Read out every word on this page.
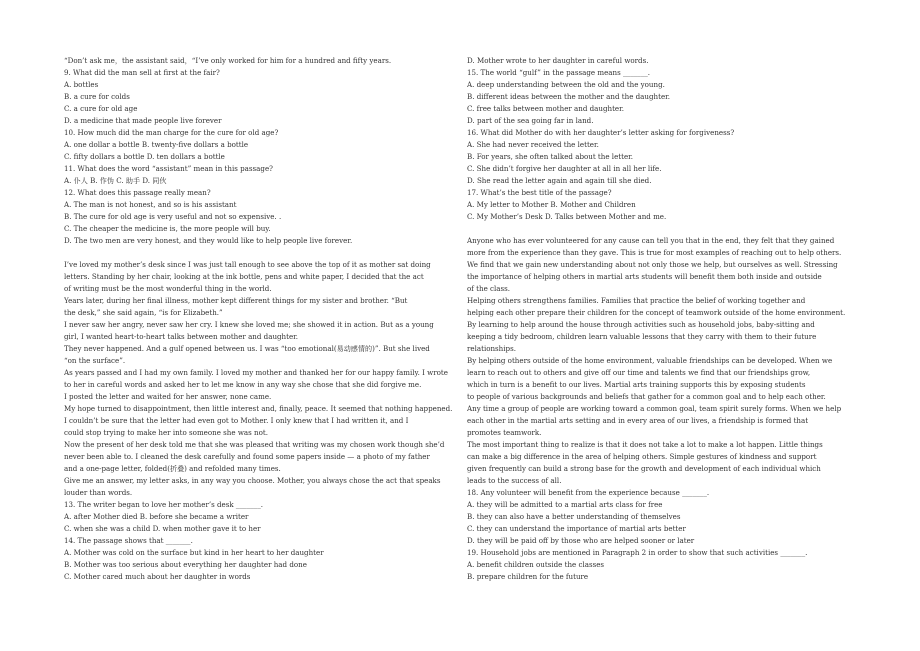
“Don’t ask me，the assistant said，“I’ve only worked for him for a hundred and fifty years.
9. What did the man sell at first at the fair?
A. bottles
B. a cure for colds
C. a cure for old age
D. a medicine that made people live forever
10. How much did the man charge for the cure for old age?
A. one dollar a bottle B. twenty-five dollars a bottle
C. fifty dollars a bottle D. ten dollars a bottle
11. What does the word “assistant” mean in this passage?
A. 仆人 B. 作伪 C. 助手 D. 同伙
12. What does this passage really mean?
A. The man is not honest, and so is his assistant
B. The cure for old age is very useful and not so expensive. .
C. The cheaper the medicine is, the more people will buy.
D. The two men are very honest, and they would like to help people live forever.
I’ve loved my mother’s desk since I was just tall enough to see above the top of it as mother sat doing
letters. Standing by her chair, looking at the ink bottle, pens and white paper, I decided that the act
of writing must be the most wonderful thing in the world.
Years later, during her final illness, mother kept different things for my sister and brother. “But
the desk,” she said again, “is for Elizabeth.”
I never saw her angry, never saw her cry. I knew she loved me; she showed it in action. But as a young
girl, I wanted heart-to-heart talks between mother and daughter.
They never happened. And a gulf opened between us. I was “too emotional(易动感情的)”. But she lived
“on the surface”.
As years passed and I had my own family. I loved my mother and thanked her for our happy family. I wrote
to her in careful words and asked her to let me know in any way she chose that she did forgive me.
I posted the letter and waited for her answer, none came.
My hope turned to disappointment, then little interest and, finally, peace. It seemed that nothing happened.
I couldn’t be sure that the letter had even got to Mother. I only knew that I had written it, and I
could stop trying to make her into someone she was not.
Now the present of her desk told me that she was pleased that writing was my chosen work though she’d
never been able to. I cleaned the desk carefully and found some papers inside — a photo of my father
and a one-page letter, folded(折叠) and refolded many times.
Give me an answer, my letter asks, in any way you choose. Mother, you always chose the act that speaks
louder than words.
13. The writer began to love her mother’s desk _______.
A. after Mother died B. before she became a writer
C. when she was a child D. when mother gave it to her
14. The passage shows that _______.
A. Mother was cold on the surface but kind in her heart to her daughter
B. Mother was too serious about everything her daughter had done
C. Mother cared much about her daughter in words
D. Mother wrote to her daughter in careful words.
15. The world “gulf” in the passage means _______.
A. deep understanding between the old and the young.
B. different ideas between the mother and the daughter.
C. free talks between mother and daughter.
D. part of the sea going far in land.
16. What did Mother do with her daughter’s letter asking for forgiveness?
A. She had never received the letter.
B. For years, she often talked about the letter.
C. She didn’t forgive her daughter at all in all her life.
D. She read the letter again and again till she died.
17. What’s the best title of the passage?
A. My letter to Mother B. Mother and Children
C. My Mother’s Desk D. Talks between Mother and me.
Anyone who has ever volunteered for any cause can tell you that in the end, they felt that they gained
more from the experience than they gave. This is true for most examples of reaching out to help others.
We find that we gain new understanding about not only those we help, but ourselves as well. Stressing
the importance of helping others in martial arts students will benefit them both inside and outside
of the class.
Helping others strengthens families. Families that practice the belief of working together and
helping each other prepare their children for the concept of teamwork outside of the home environment.
By learning to help around the house through activities such as household jobs, baby-sitting and
keeping a tidy bedroom, children learn valuable lessons that they carry with them to their future
relationships.
By helping others outside of the home environment, valuable friendships can be developed. When we
learn to reach out to others and give off our time and talents we find that our friendships grow,
which in turn is a benefit to our lives. Martial arts training supports this by exposing students
to people of various backgrounds and beliefs that gather for a common goal and to help each other.
Any time a group of people are working toward a common goal, team spirit surely forms. When we help
each other in the martial arts setting and in every area of our lives, a friendship is formed that
promotes teamwork.
The most important thing to realize is that it does not take a lot to make a lot happen. Little things
can make a big difference in the area of helping others. Simple gestures of kindness and support
given frequently can build a strong base for the growth and development of each individual which
leads to the success of all.
18. Any volunteer will benefit from the experience because _______.
A. they will be admitted to a martial arts class for free
B. they can also have a better understanding of themselves
C. they can understand the importance of martial arts better
D. they will be paid off by those who are helped sooner or later
19. Household jobs are mentioned in Paragraph 2 in order to show that such activities _______.
A. benefit children outside the classes
B. prepare children for the future
